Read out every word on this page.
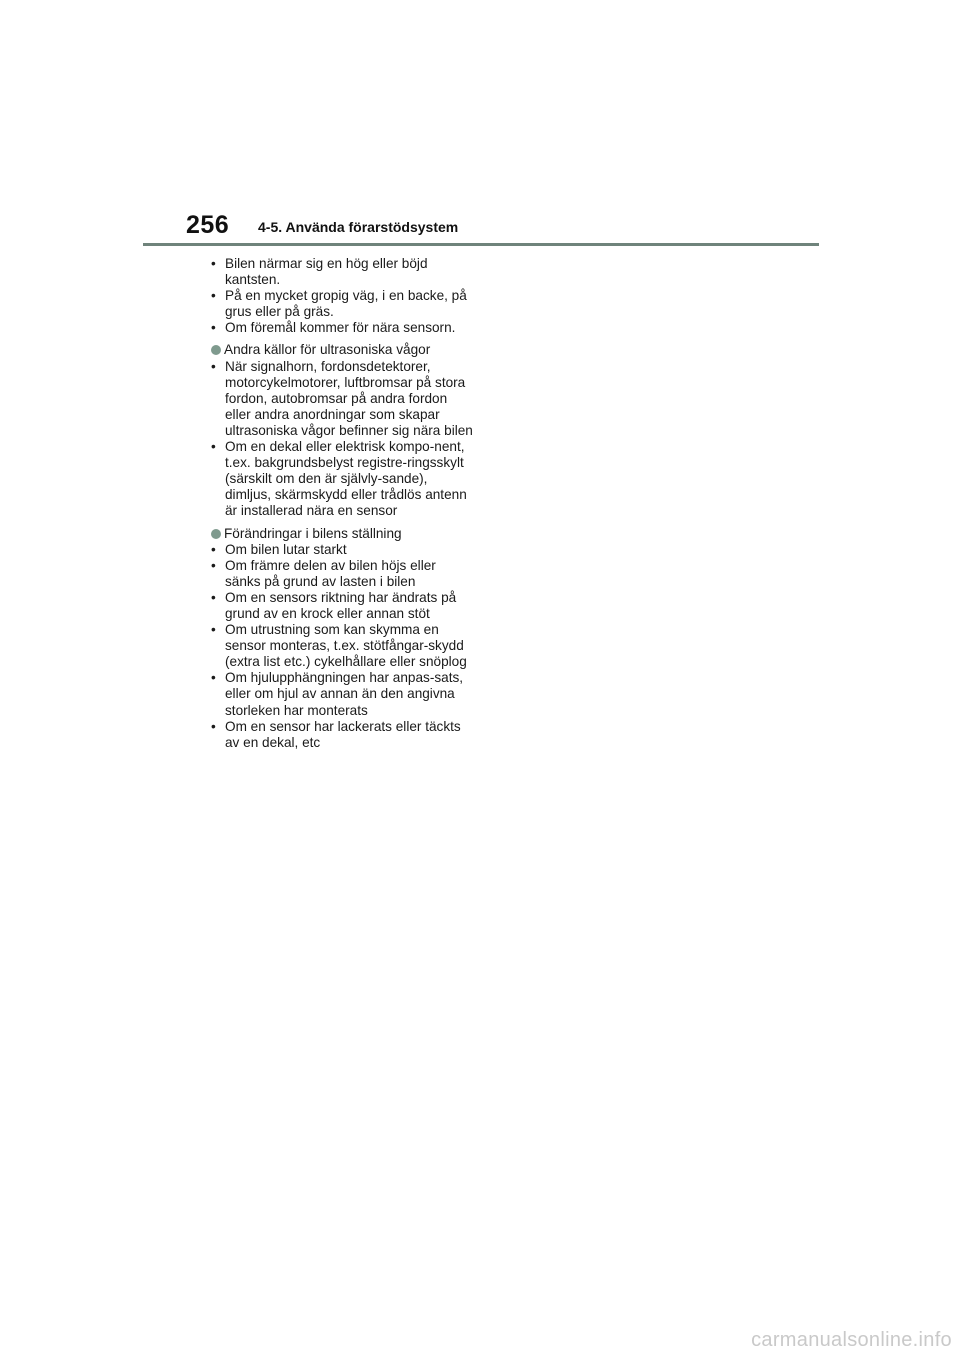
256 4-5. Använda förarstödsystem
• Bilen närmar sig en hög eller böjd kantsten.
• På en mycket gropig väg, i en backe, på grus eller på gräs.
• Om föremål kommer för nära sensorn.
Andra källor för ultrasoniska vågor
• När signalhorn, fordonsdetektorer, motorcykelmotorer, luftbromsar på stora fordon, autobromsar på andra fordon eller andra anordningar som skapar ultrasoniska vågor befinner sig nära bilen
• Om en dekal eller elektrisk kompo-nent, t.ex. bakgrundsbelyst registre-ringsskylt (särskilt om den är självly-sande), dimljus, skärmskydd eller trådlös antenn är installerad nära en sensor
Förändringar i bilens ställning
• Om bilen lutar starkt
• Om främre delen av bilen höjs eller sänks på grund av lasten i bilen
• Om en sensors riktning har ändrats på grund av en krock eller annan stöt
• Om utrustning som kan skymma en sensor monteras, t.ex. stötfångar-skydd (extra list etc.) cykelhållare eller snöplog
• Om hjulupphängningen har anpas-sats, eller om hjul av annan än den angivna storleken har monterats
• Om en sensor har lackerats eller täckts av en dekal, etc
carmanualsonline.info
